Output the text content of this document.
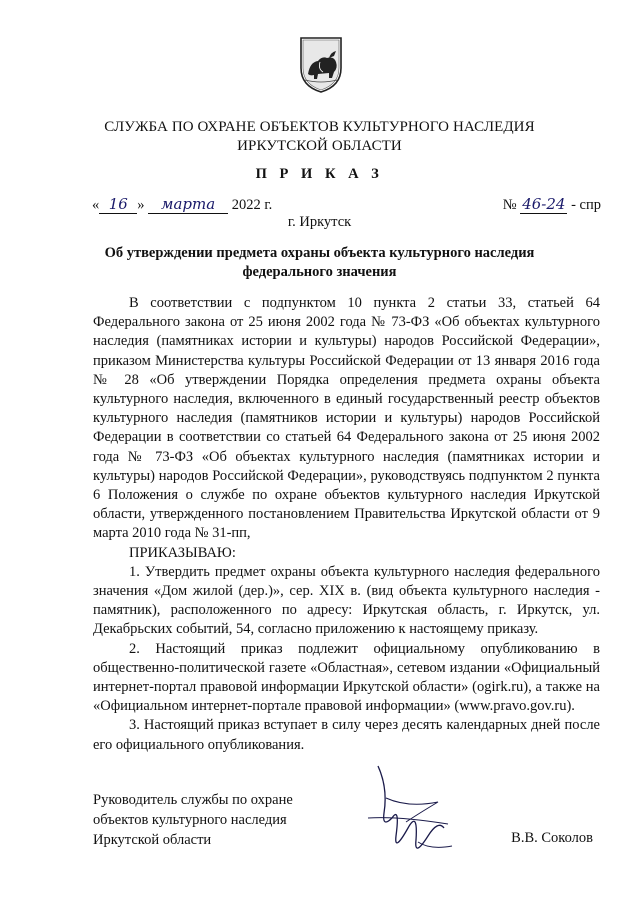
СЛУЖБА ПО ОХРАНЕ ОБЪЕКТОВ КУЛЬТУРНОГО НАСЛЕДИЯ
ИРКУТСКОЙ ОБЛАСТИ
П Р И К А З
« 16 » марта 2022 г.	№ 46-24 - спр
г. Иркутск
Об утверждении предмета охраны объекта культурного наследия
федерального значения

В соответствии с подпунктом 10 пункта 2 статьи 33, статьей 64 Федерального закона от 25 июня 2002 года № 73-ФЗ «Об объектах культурного наследия (памятниках истории и культуры) народов Российской Федерации», приказом Министерства культуры Российской Федерации от 13 января 2016 года № 28 «Об утверждении Порядка определения предмета охраны объекта культурного наследия, включенного в единый государственный реестр объектов культурного наследия (памятников истории и культуры) народов Российской Федерации в соответствии со статьей 64 Федерального закона от 25 июня 2002 года № 73-ФЗ «Об объектах культурного наследия (памятниках истории и культуры) народов Российской Федерации», руководствуясь подпунктом 2 пункта 6 Положения о службе по охране объектов культурного наследия Иркутской области, утвержденного постановлением Правительства Иркутской области от 9 марта 2010 года № 31-пп,

ПРИКАЗЫВАЮ:

1. Утвердить предмет охраны объекта культурного наследия федерального значения «Дом жилой (дер.)», сер. XIX в. (вид объекта культурного наследия - памятник), расположенного по адресу: Иркутская область, г. Иркутск, ул. Декабрьских событий, 54, согласно приложению к настоящему приказу.

2. Настоящий приказ подлежит официальному опубликованию в общественно-политической газете «Областная», сетевом издании «Официальный интернет-портал правовой информации Иркутской области» (ogirk.ru), а также на «Официальном интернет-портале правовой информации» (www.pravo.gov.ru).

3. Настоящий приказ вступает в силу через десять календарных дней после его официального опубликования.

Руководитель службы по охране
объектов культурного наследия
Иркутской области	В.В. Соколов
